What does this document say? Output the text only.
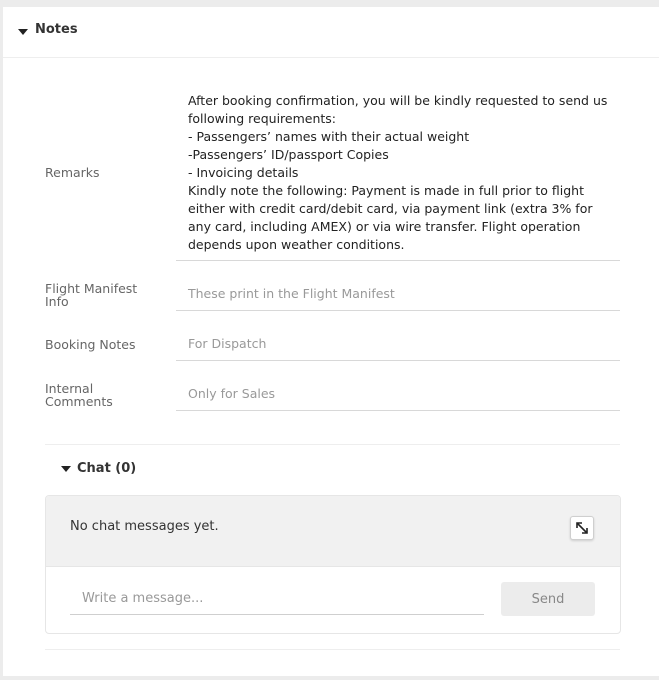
Notes
Remarks

After booking confirmation, you will be kindly requested to send us following requirements:
- Passengers’ names with their actual weight
-Passengers’ ID/passport Copies
- Invoicing details
Kindly note the following: Payment is made in full prior to flight either with credit card/debit card, via payment link (extra 3% for any card, including AMEX) or via wire transfer. Flight operation depends upon weather conditions.

Flight Manifest Info
These print in the Flight Manifest
Booking Notes	For Dispatch
Internal Comments
Only for Sales
Chat (0)
No chat messages yet.
Write a message...
Send
